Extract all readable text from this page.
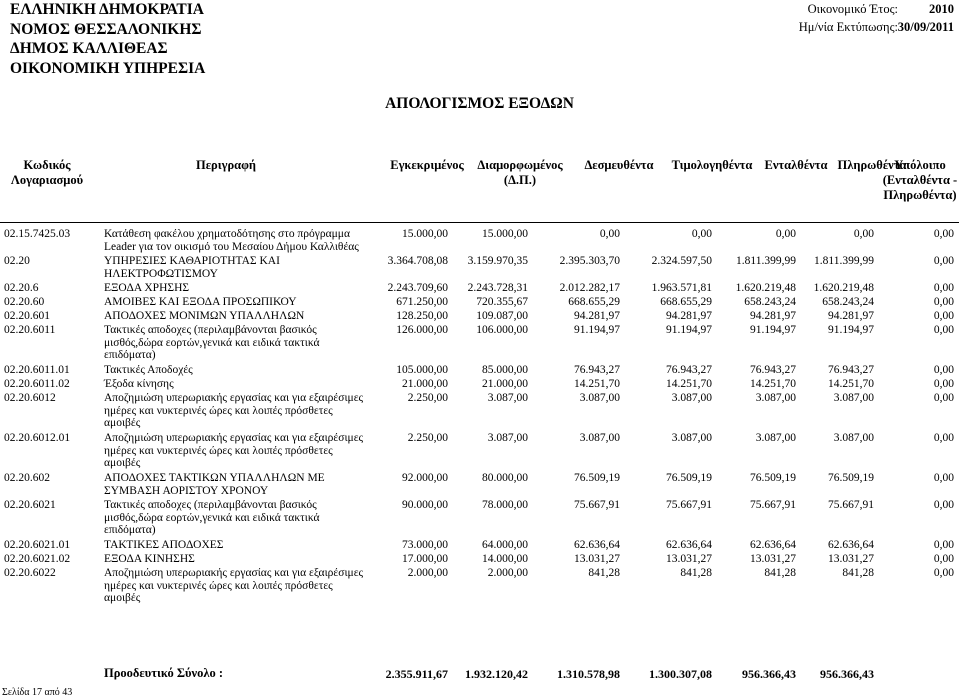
ΕΛΛΗΝΙΚΗ ΔΗΜΟΚΡΑΤΙΑ
ΝΟΜΟΣ ΘΕΣΣΑΛΟΝΙΚΗΣ
ΔΗΜΟΣ ΚΑΛΛΙΘΕΑΣ
ΟΙΚΟΝΟΜΙΚΗ ΥΠΗΡΕΣΙΑ
Οικονομικό Έτος: 2010
Ημ/νία Εκτύπωσης: 30/09/2011
ΑΠΟΛΟΓΙΣΜΟΣ ΕΞΟΔΩΝ
Κωδικός
Λογαριασμού
Περιγραφή	Εγκεκριμένος	Διαμορφωμένος
(Δ.Π.)
Δεσμευθέντα	Τιμολογηθέντα Ενταλθέντα Πληρωθέντα
Υπόλοιπο
(Ενταλθέντα -
Πληρωθέντα)
02.15.7425.03	Κατάθεση φακέλου χρηματοδότησης στο πρόγραμμα Leader για τον οικισμό του Μεσαίου Δήμου Καλλιθέας
15.000,00	15.000,00	0,00	0,00	0,00	0,00	0,00
02.20	ΥΠΗΡΕΣΙΕΣ ΚΑΘΑΡΙΟΤΗΤΑΣ ΚΑΙ ΗΛΕΚΤΡΟΦΩΤΙΣΜΟΥ
3.364.708,08	3.159.970,35	2.395.303,70	2.324.597,50	1.811.399,99	1.811.399,99	0,00
02.20.6	ΕΞΟΔΑ ΧΡΗΣΗΣ	2.243.709,60	2.243.728,31	2.012.282,17	1.963.571,81	1.620.219,48	1.620.219,48	0,00
02.20.60	ΑΜΟΙΒΕΣ ΚΑΙ ΕΞΟΔΑ ΠΡΟΣΩΠΙΚΟΥ	671.250,00	720.355,67	668.655,29	668.655,29	658.243,24	658.243,24	0,00
02.20.601	ΑΠΟΔΟΧΕΣ ΜΟΝΙΜΩΝ ΥΠΑΛΛΗΛΩΝ	128.250,00	109.087,00	94.281,97	94.281,97	94.281,97	94.281,97	0,00
02.20.6011	Τακτικές αποδοχες (περιλαμβάνονται βασικός μισθός,δώρα εορτών,γενικά και ειδικά τακτικά επιδόματα)
126.000,00	106.000,00	91.194,97	91.194,97	91.194,97	91.194,97	0,00
02.20.6011.01	Τακτικές Αποδοχές	105.000,00	85.000,00	76.943,27	76.943,27	76.943,27	76.943,27	0,00
02.20.6011.02	Έξοδα κίνησης	21.000,00	21.000,00	14.251,70	14.251,70	14.251,70	14.251,70	0,00
02.20.6012	Αποζημιώση υπερωριακής εργασίας και για εξαιρέσιμες ημέρες και νυκτερινές ώρες και λοιπές πρόσθετες αμοιβές
2.250,00	3.087,00	3.087,00	3.087,00	3.087,00	3.087,00	0,00
02.20.6012.01	Αποζημιώση υπερωριακής εργασίας και για εξαιρέσιμες ημέρες και νυκτερινές ώρες και λοιπές πρόσθετες αμοιβές
2.250,00	3.087,00	3.087,00	3.087,00	3.087,00	3.087,00	0,00
02.20.602	ΑΠΟΔΟΧΕΣ ΤΑΚΤΙΚΩΝ ΥΠΑΛΛΗΛΩΝ ΜΕ ΣΥΜΒΑΣΗ ΑΟΡΙΣΤΟΥ ΧΡΟΝΟΥ
92.000,00	80.000,00	76.509,19	76.509,19	76.509,19	76.509,19	0,00
02.20.6021	Τακτικές αποδοχες (περιλαμβάνονται βασικός μισθός,δώρα εορτών,γενικά και ειδικά τακτικά επιδόματα)
90.000,00	78.000,00	75.667,91	75.667,91	75.667,91	75.667,91	0,00
02.20.6021.01	ΤΑΚΤΙΚΕΣ ΑΠΟΔΟΧΕΣ	73.000,00	64.000,00	62.636,64	62.636,64	62.636,64	62.636,64	0,00
02.20.6021.02	ΕΞΟΔΑ ΚΙΝΗΣΗΣ	17.000,00	14.000,00	13.031,27	13.031,27	13.031,27	13.031,27	0,00
02.20.6022	Αποζημιώση υπερωριακής εργασίας και για εξαιρέσιμες ημέρες και νυκτερινές ώρες και λοιπές πρόσθετες αμοιβές
2.000,00	2.000,00	841,28	841,28	841,28	841,28	0,00
Προοδευτικό Σύνολο :	2.355.911,67	1.932.120,42	1.310.578,98	1.300.307,08	956.366,43	956.366,43
Σελίδα 17 από 43
